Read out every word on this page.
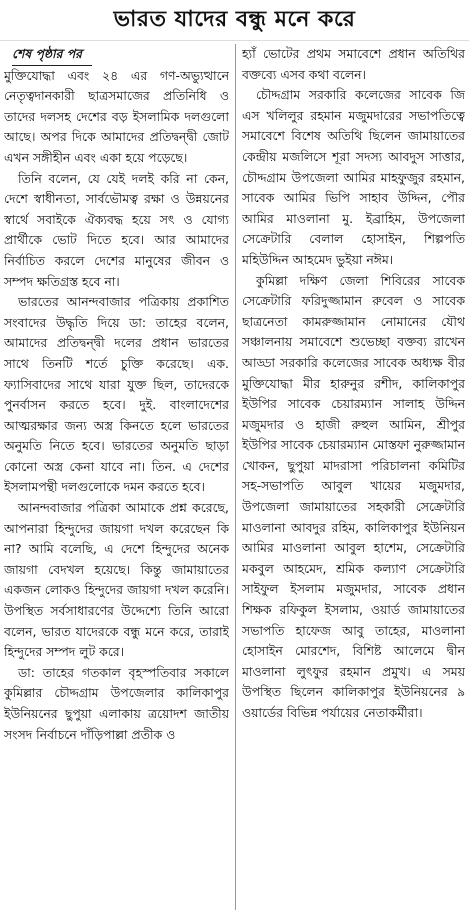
ভারত যাদের বন্ধু মনে করে
শেষ পৃষ্ঠার পর

মুক্তিযোদ্ধা এবং ২৪ এর গণ-অভ্যুত্থানে নেতৃত্বদানকারী ছাত্রসমাজের প্রতিনিধি ও তাদের দলসহ দেশের বড় ইসলামিক দলগুলো আছে। অপর দিকে আমাদের প্রতিদ্বন্দ্বী জোট এখন সঙ্গীহীন এবং একা হয়ে পড়েছে।

তিনি বলেন, যে যেই দলই করি না কেন, দেশে স্বাধীনতা, সার্বভৌমত্ব রক্ষা ও উন্নয়নের স্বার্থে সবাইকে ঐক্যবদ্ধ হয়ে সৎ ও যোগ্য প্রার্থীকে ভোট দিতে হবে। আর আমাদের নির্বাচিত করলে দেশের মানুষের জীবন ও সম্পদ ক্ষতিগ্রস্ত হবে না।

ভারতের আনন্দবাজার পত্রিকায় প্রকাশিত সংবাদের উদ্ধৃতি দিয়ে ডা: তাহের বলেন, আমাদের প্রতিদ্বন্দ্বী দলের প্রধান ভারতের সাথে তিনটি শর্তে চুক্তি করেছে। এক. ফ্যাসিবাদের সাথে যারা যুক্ত ছিল, তাদেরকে পুনর্বাসন করতে হবে। দুই. বাংলাদেশের আত্মরক্ষার জন্য অস্ত্র কিনতে হলে ভারতের অনুমতি নিতে হবে। ভারতের অনুমতি ছাড়া কোনো অস্ত্র কেনা যাবে না। তিন. এ দেশের ইসলামপন্থী দলগুলোকে দমন করতে হবে।

আনন্দবাজার পত্রিকা আমাকে প্রশ্ন করেছে, আপনারা হিন্দুদের জায়গা দখল করেছেন কি না? আমি বলেছি, এ দেশে হিন্দুদের অনেক জায়গা বেদখল হয়েছে। কিন্তু জামায়াতের একজন লোকও হিন্দুদের জায়গা দখল করেনি। উপস্থিত সর্বসাধারণের উদ্দেশ্যে তিনি আরো বলেন, ভারত যাদেরকে বন্ধু মনে করে, তারাই হিন্দুদের সম্পদ লুট করে।

ডা: তাহের গতকাল বৃহস্পতিবার সকালে কুমিল্লার চৌদ্দগ্রাম উপজেলার কালিকাপুর ইউনিয়নের ছুপুয়া এলাকায় ত্রয়োদশ জাতীয় সংসদ নির্বাচনে দাঁড়িপাল্লা প্রতীক ও

হ্যাঁ ভোটের প্রথম সমাবেশে প্রধান অতিথির বক্তব্যে এসব কথা বলেন।

চৌদ্দগ্রাম সরকারি কলেজের সাবেক জি এস খলিলুর রহমান মজুমদারের সভাপতিত্বে সমাবেশে বিশেষ অতিথি ছিলেন জামায়াতের কেন্দ্রীয় মজলিসে শূরা সদস্য আবদুস সাত্তার, চৌদ্দগ্রাম উপজেলা আমির মাহফুজুর রহমান, সাবেক আমির ভিপি সাহাব উদ্দিন, পৌর আমির মাওলানা মু. ইব্রাহিম, উপজেলা সেক্রেটারি বেলাল হোসাইন, শিল্পপতি মহিউদ্দিন আহমেদ ভুইয়া নঈম।

কুমিল্লা দক্ষিণ জেলা শিবিরের সাবেক সেক্রেটারি ফরিদুজ্জামান রুবেল ও সাবেক ছাত্রনেতা কামরুজ্জামান নোমানের যৌথ সঞ্চালনায় সমাবেশে শুভেচ্ছা বক্তব্য রাখেন আড্ডা সরকারি কলেজের সাবেক অধ্যক্ষ বীর মুক্তিযোদ্ধা মীর হারুনুর রশীদ, কালিকাপুর ইউপির সাবেক চেয়ারম্যান সালাহ উদ্দিন মজুমদার ও হাজী রুহুল আমিন, শ্রীপুর ইউপির সাবেক চেয়ারম্যান মোস্তফা নুরুজ্জামান খোকন, ছুপুয়া মাদরাসা পরিচালনা কমিটির সহ-সভাপতি আবুল খায়ের মজুমদার, উপজেলা জামায়াতের সহকারী সেক্রেটারি মাওলানা আবদুর রহিম, কালিকাপুর ইউনিয়ন আমির মাওলানা আবুল হাশেম, সেক্রেটারি মকবুল আহমেদ, শ্রমিক কল্যাণ সেক্রেটারি সাইফুল ইসলাম মজুমদার, সাবেক প্রধান শিক্ষক রফিকুল ইসলাম, ওয়ার্ড জামায়াতের সভাপতি হাফেজ আবু তাহের, মাওলানা হোসাইন মোরশেদ, বিশিষ্ট আলেমে দ্বীন মাওলানা লুৎফুর রহমান প্রমুখ। এ সময় উপস্থিত ছিলেন কালিকাপুর ইউনিয়নের ৯ ওয়ার্ডের বিভিন্ন পর্যায়ের নেতাকর্মীরা।
